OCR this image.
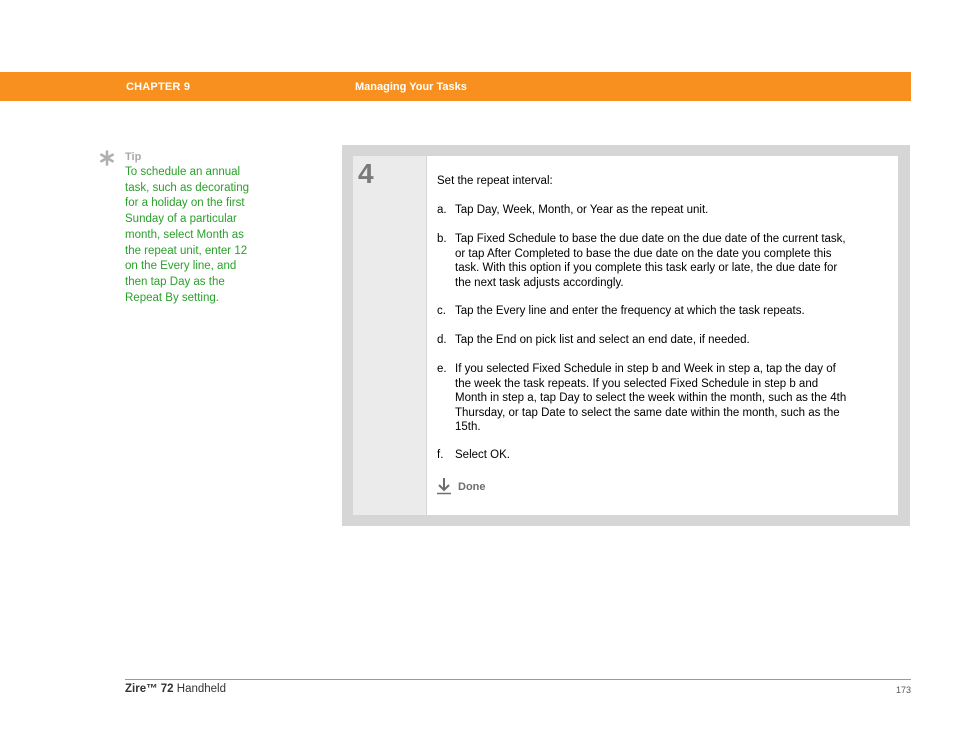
CHAPTER 9	Managing Your Tasks
Tip
To schedule an annual
task, such as decorating
for a holiday on the first
Sunday of a particular
month, select Month as
the repeat unit, enter 12
on the Every line, and
then tap Day as the
Repeat By setting.
4	Set the repeat interval:
a. Tap Day, Week, Month, or Year as the repeat unit.
b. Tap Fixed Schedule to base the due date on the due date of the current task,
or tap After Completed to base the due date on the date you complete this
task. With this option if you complete this task early or late, the due date for
the next task adjusts accordingly.
c. Tap the Every line and enter the frequency at which the task repeats.
d. Tap the End on pick list and select an end date, if needed.
e. If you selected Fixed Schedule in step b and Week in step a, tap the day of
the week the task repeats. If you selected Fixed Schedule in step b and
Month in step a, tap Day to select the week within the month, such as the 4th
Thursday, or tap Date to select the same date within the month, such as the
15th.
f. Select OK.
Done
Zire™ 72 Handheld	173
